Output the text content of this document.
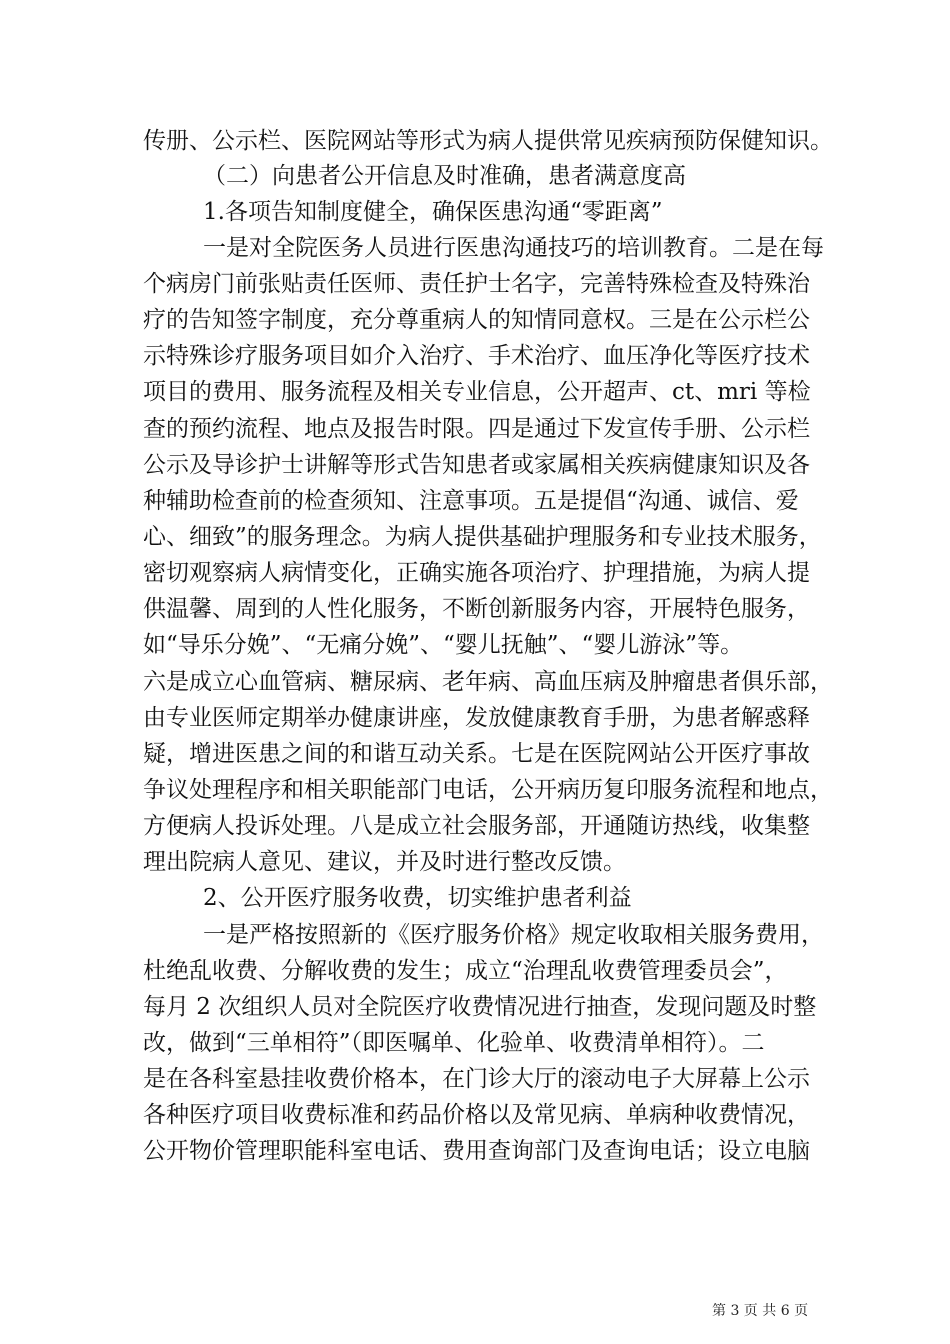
传册、公示栏、医院网站等形式为病人提供常见疾病预防保健知识。
（二）向患者公开信息及时准确，患者满意度高
1.各项告知制度健全，确保医患沟通“零距离”
一是对全院医务人员进行医患沟通技巧的培训教育。二是在每
个病房门前张贴责任医师、责任护士名字，完善特殊检查及特殊治
疗的告知签字制度，充分尊重病人的知情同意权。三是在公示栏公
示特殊诊疗服务项目如介入治疗、手术治疗、血压净化等医疗技术
项目的费用、服务流程及相关专业信息，公开超声、ct、mri 等检
查的预约流程、地点及报告时限。四是通过下发宣传手册、公示栏
公示及导诊护士讲解等形式告知患者或家属相关疾病健康知识及各
种辅助检查前的检查须知、注意事项。五是提倡“沟通、诚信、爱
心、细致”的服务理念。为病人提供基础护理服务和专业技术服务，
密切观察病人病情变化，正确实施各项治疗、护理措施，为病人提
供温馨、周到的人性化服务，不断创新服务内容，开展特色服务，
如“导乐分娩”、“无痛分娩”、“婴儿抚触”、“婴儿游泳”等。
六是成立心血管病、糖尿病、老年病、高血压病及肿瘤患者俱乐部，
由专业医师定期举办健康讲座，发放健康教育手册，为患者解惑释
疑，增进医患之间的和谐互动关系。七是在医院网站公开医疗事故
争议处理程序和相关职能部门电话，公开病历复印服务流程和地点，
方便病人投诉处理。八是成立社会服务部，开通随访热线，收集整
理出院病人意见、建议，并及时进行整改反馈。
2、公开医疗服务收费，切实维护患者利益
一是严格按照新的《医疗服务价格》规定收取相关服务费用，
杜绝乱收费、分解收费的发生；成立“治理乱收费管理委员会”，
每月 2 次组织人员对全院医疗收费情况进行抽查，发现问题及时整
改，做到“三单相符”（即医嘱单、化验单、收费清单相符）。二
是在各科室悬挂收费价格本，在门诊大厅的滚动电子大屏幕上公示
各种医疗项目收费标准和药品价格以及常见病、单病种收费情况，
公开物价管理职能科室电话、费用查询部门及查询电话；设立电脑
第 3 页 共 6 页
